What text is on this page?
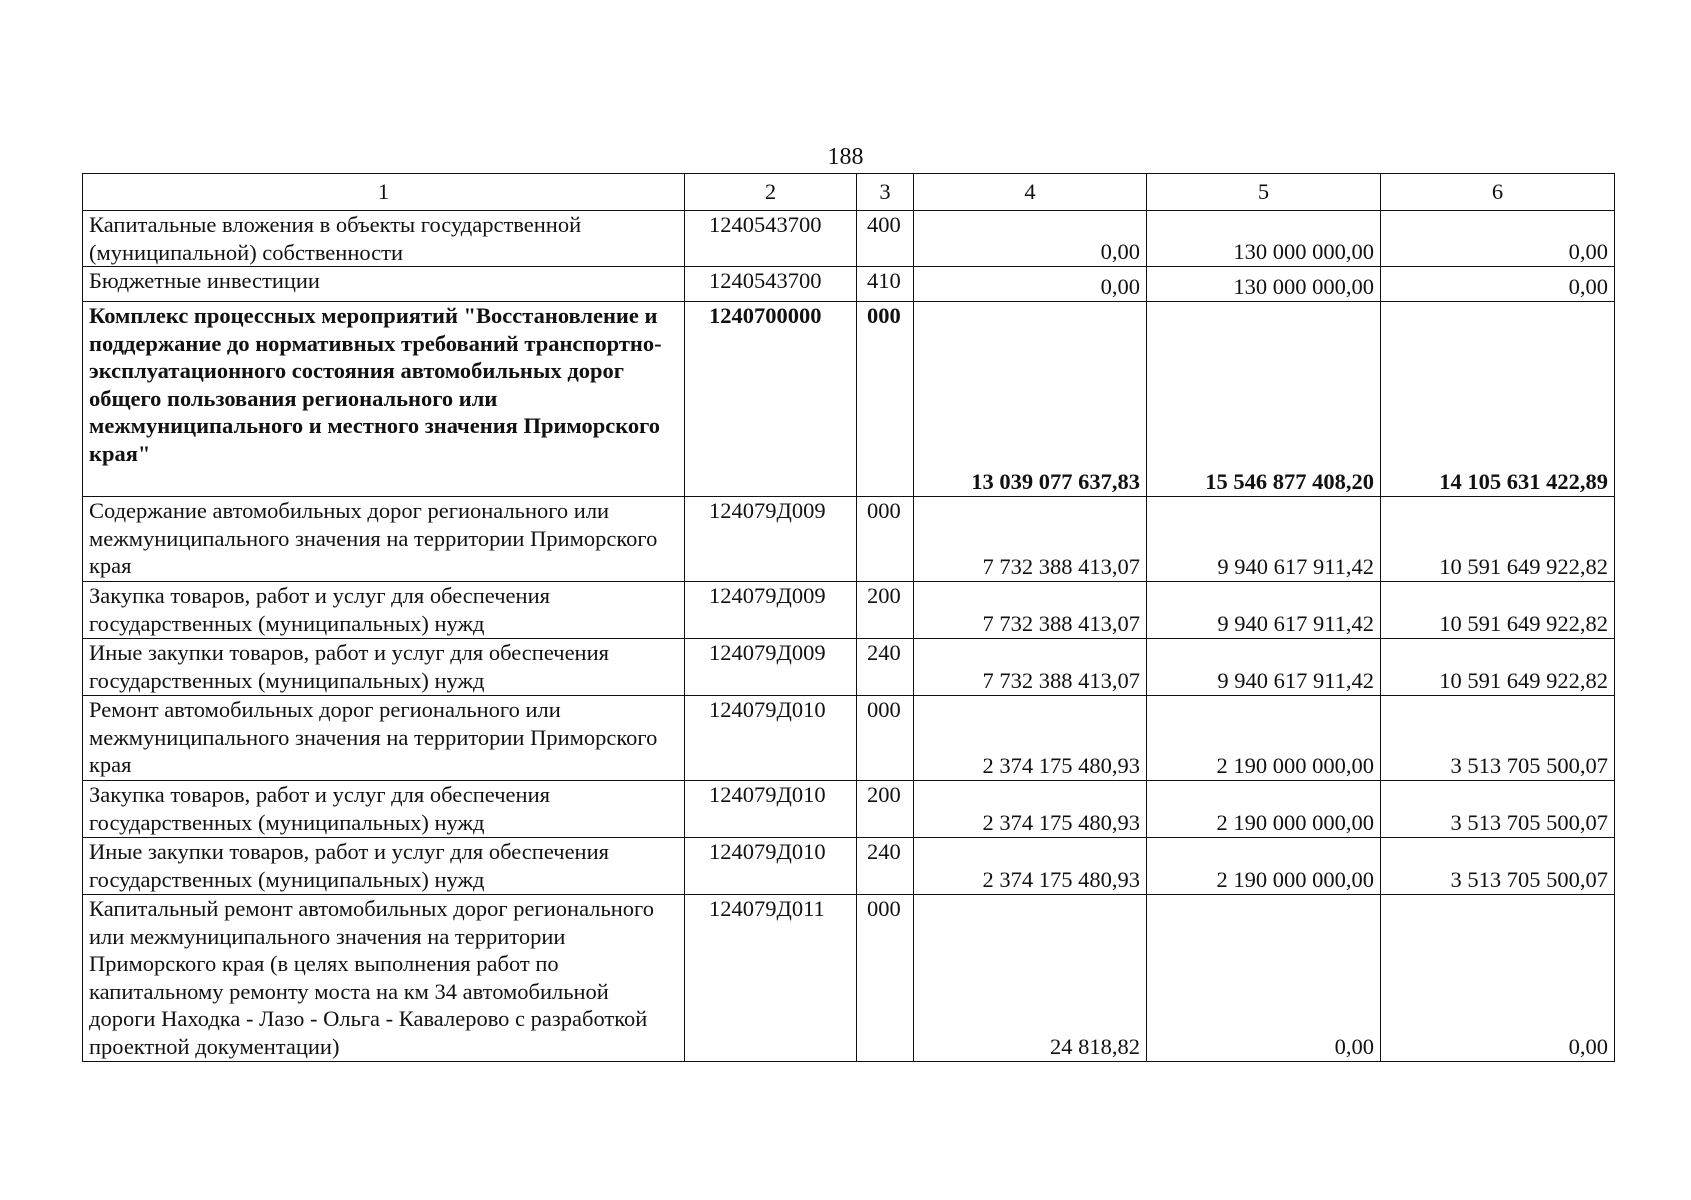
188
1	2	3	4	5	6
Капитальные вложения в объекты государственной (муниципальной) собственности	1240543700	400	0,00	130 000 000,00	0,00
Бюджетные инвестиции	1240543700	410	0,00	130 000 000,00	0,00
Комплекс процессных мероприятий "Восстановление и поддержание до нормативных требований транспортно-эксплуатационного состояния автомобильных дорог общего пользования регионального или межмуниципального и местного значения Приморского края"	1240700000	000	13 039 077 637,83	15 546 877 408,20	14 105 631 422,89
Содержание автомобильных дорог регионального или межмуниципального значения на территории Приморского края	124079Д009	000	7 732 388 413,07	9 940 617 911,42	10 591 649 922,82
Закупка товаров, работ и услуг для обеспечения государственных (муниципальных) нужд	124079Д009	200	7 732 388 413,07	9 940 617 911,42	10 591 649 922,82
Иные закупки товаров, работ и услуг для обеспечения государственных (муниципальных) нужд	124079Д009	240	7 732 388 413,07	9 940 617 911,42	10 591 649 922,82
Ремонт автомобильных дорог регионального или межмуниципального значения на территории Приморского края	124079Д010	000	2 374 175 480,93	2 190 000 000,00	3 513 705 500,07
Закупка товаров, работ и услуг для обеспечения государственных (муниципальных) нужд	124079Д010	200	2 374 175 480,93	2 190 000 000,00	3 513 705 500,07
Иные закупки товаров, работ и услуг для обеспечения государственных (муниципальных) нужд	124079Д010	240	2 374 175 480,93	2 190 000 000,00	3 513 705 500,07
Капитальный ремонт автомобильных дорог регионального или межмуниципального значения на территории Приморского края (в целях выполнения работ по капитальному ремонту моста на км 34 автомобильной дороги Находка - Лазо - Ольга - Кавалерово с разработкой проектной документации)	124079Д011	000	24 818,82	0,00	0,00
